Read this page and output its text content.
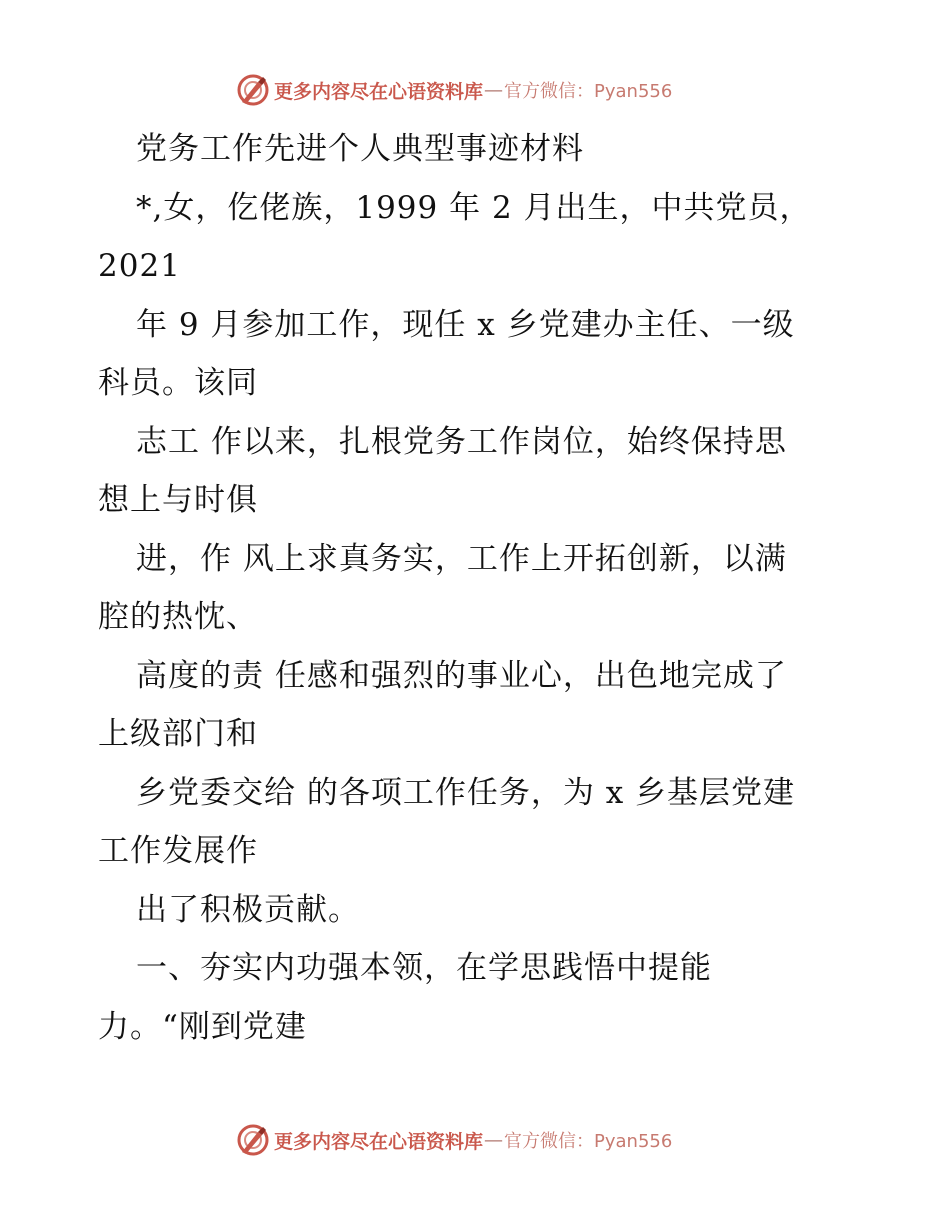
更多内容尽在心语资料库 — 官方微信：Pyan556
党务工作先进个人典型事迹材料
*,女，仡佬族，1999 年 2 月出生，中共党员，
2021
年 9 月参加工作，现任 x 乡党建办主任、一级
科员。该同
志工 作以来，扎根党务工作岗位，始终保持思
想上与时俱
进，作 风上求真务实，工作上开拓创新，以满
腔的热忱、
高度的责 任感和强烈的事业心，出色地完成了
上级部门和
乡党委交给 的各项工作任务，为 x 乡基层党建
工作发展作
出了积极贡献。
一、夯实内功强本领，在学思践悟中提能
力。“刚到党建
更多内容尽在心语资料库 — 官方微信：Pyan556
